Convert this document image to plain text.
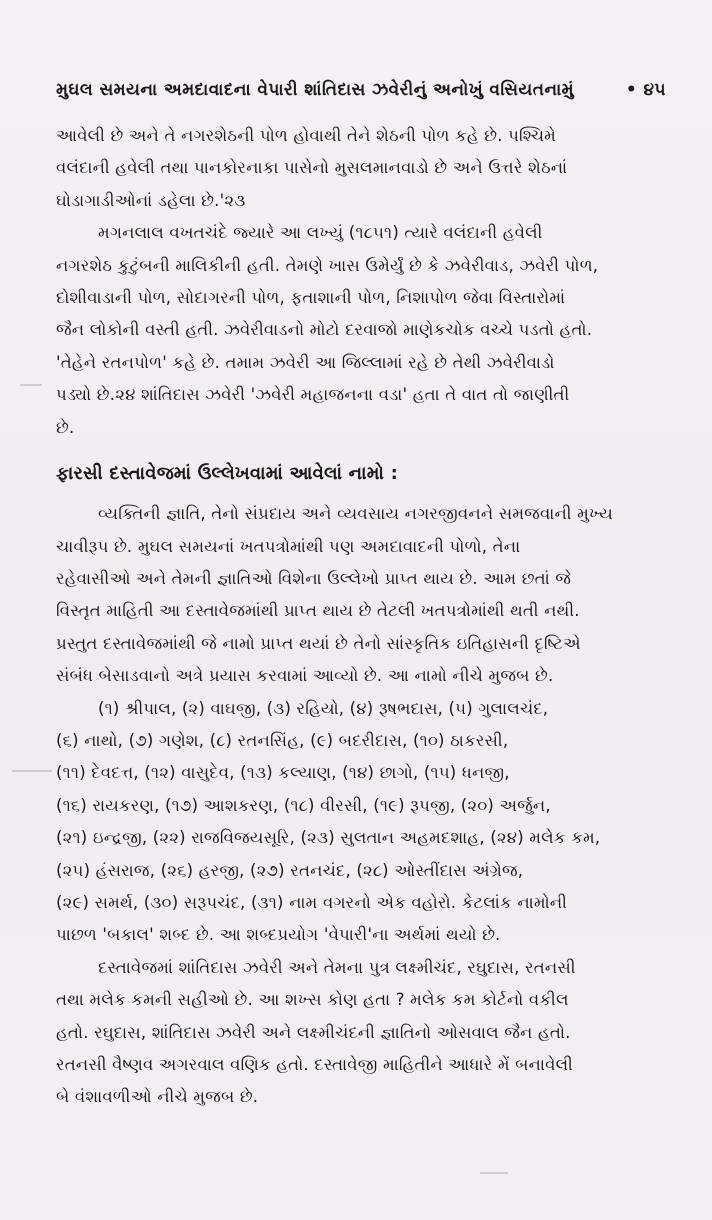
મુઘલ સમયના અમદાવાદના વેપારી શાંતિદાસ ઝવેરીનું અનોખું વસિયતનામું	• ૪૫
આવેલી છે અને તે નગરશેઠની પોળ હોવાથી તેને શેઠની પોળ કહે છે. પશ્ચિમે
વલંદાની હવેલી તથા પાનકોરનાકા પાસેનો મુસલમાનવાડો છે અને ઉત્તરે શેઠનાં
ઘોડાગાડીઓનાં ડહેલા છે.'૨૩
મગનલાલ વખતચંદે જ્યારે આ લખ્યું (૧૮૫૧) ત્યારે વલંદાની હવેલી
નગરશેઠ કુટુંબની માલિકીની હતી. તેમણે ખાસ ઉમેર્યું છે કે ઝવેરીવાડ, ઝવેરી પોળ,
દોશીવાડાની પોળ, સોદાગરની પોળ, ફતાશાની પોળ, નિશાપોળ જેવા વિસ્તારોમાં
જૈન લોકોની વસ્તી હતી. ઝવેરીવાડનો મોટો દરવાજો માણેકચોક વચ્ચે પડતો હતો.
'તેહેને રતનપોળ' કહે છે. તમામ ઝવેરી આ જિલ્લામાં રહે છે તેથી ઝવેરીવાડો
પડ્યો છે.૨૪ શાંતિદાસ ઝવેરી 'ઝવેરી મહાજનના વડા' હતા તે વાત તો જાણીતી
છે.
ફારસી દસ્તાવેજમાં ઉલ્લેખવામાં આવેલાં નામો :
વ્યક્તિની જ્ઞાતિ, તેનો સંપ્રદાય અને વ્યવસાય નગરજીવનને સમજવાની મુખ્ય
ચાવીરૂપ છે. મુઘલ સમયનાં ખતપત્રોમાંથી પણ અમદાવાદની પોળો, તેના
રહેવાસીઓ અને તેમની જ્ઞાતિઓ વિશેના ઉલ્લેખો પ્રાપ્ત થાય છે. આમ છતાં જે
વિસ્તૃત માહિતી આ દસ્તાવેજમાંથી પ્રાપ્ત થાય છે તેટલી ખતપત્રોમાંથી થતી નથી.
પ્રસ્તુત દસ્તાવેજમાંથી જે નામો પ્રાપ્ત થયાં છે તેનો સાંસ્કૃતિક ઇતિહાસની દૃષ્ટિએ
સંબંધ બેસાડવાનો અત્રે પ્રયાસ કરવામાં આવ્યો છે. આ નામો નીચે મુજબ છે.
(૧) શ્રીપાલ, (૨) વાઘજી, (૩) રહિયો, (૪) રૂષભદાસ, (૫) ગુલાલચંદ,
(૬) નાથો, (૭) ગણેશ, (૮) રતનસિંહ, (૯) બદરીદાસ, (૧૦) ઠાકરસી,
(૧૧) દેવદત્ત, (૧૨) વાસુદેવ, (૧૩) કલ્યાણ, (૧૪) છાગો, (૧૫) ધનજી,
(૧૬) રાયકરણ, (૧૭) આશકરણ, (૧૮) વીરસી, (૧૯) રૂપજી, (૨૦) અર્જુન,
(૨૧) ઇન્દ્રજી, (૨૨) રાજવિજયસૂરિ, (૨૩) સુલતાન અહમદશાહ, (૨૪) મલેક કમ,
(૨૫) હંસરાજ, (૨૬) હરજી, (૨૭) રતનચંદ, (૨૮) ઓસ્તીંદાસ અંગ્રેજ,
(૨૯) સમર્થ, (૩૦) સરૂપચંદ, (૩૧) નામ વગરનો એક વહોરો. કેટલાંક નામોની
પાછળ 'બકાલ' શબ્દ છે. આ શબ્દપ્રયોગ 'વેપારી'ના અર્થમાં થયો છે.
દસ્તાવેજમાં શાંતિદાસ ઝવેરી અને તેમના પુત્ર લક્ષ્મીચંદ, રઘુદાસ, રતનસી
તથા મલેક કમની સહીઓ છે. આ શખ્સ કોણ હતા ? મલેક કમ કોર્ટનો વકીલ
હતો. રઘુદાસ, શાંતિદાસ ઝવેરી અને લક્ષ્મીચંદની જ્ઞાતિનો ઓસવાલ જૈન હતો.
રતનસી વૈષ્ણવ અગરવાલ વણિક હતો. દસ્તાવેજી માહિતીને આધારે મેં બનાવેલી
બે વંશાવળીઓ નીચે મુજબ છે.
